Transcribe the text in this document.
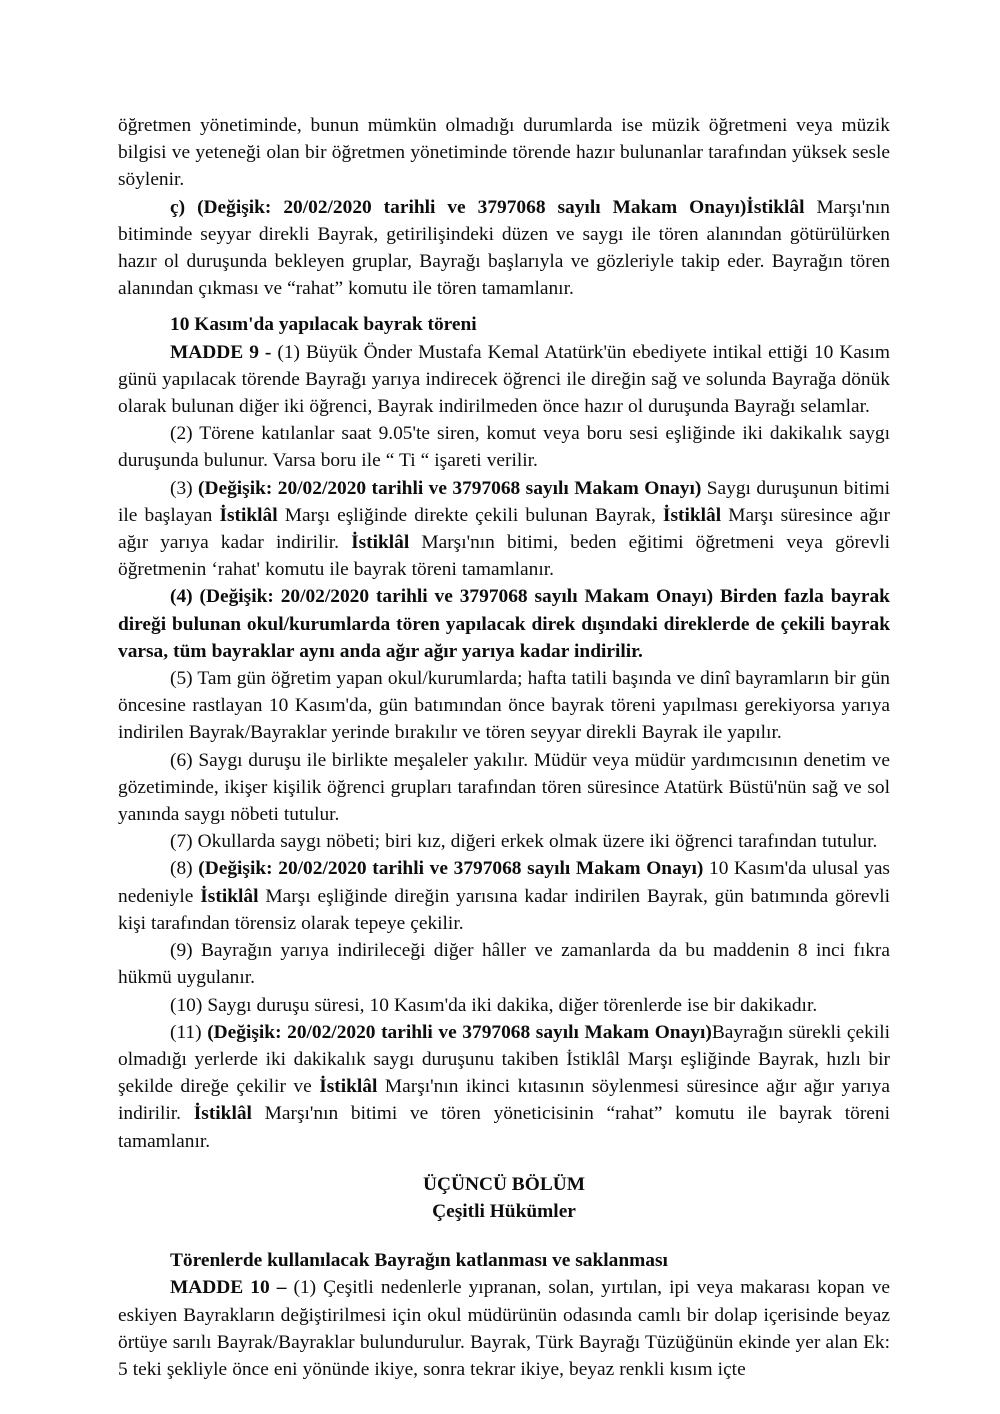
öğretmen yönetiminde, bunun mümkün olmadığı durumlarda ise müzik öğretmeni veya müzik bilgisi ve yeteneği olan bir öğretmen yönetiminde törende hazır bulunanlar tarafından yüksek sesle söylenir.

ç) (Değişik: 20/02/2020 tarihli ve 3797068 sayılı Makam Onayı)İstiklâl Marşı'nın bitiminde seyyar direkli Bayrak, getirilişindeki düzen ve saygı ile tören alanından götürülürken hazır ol duruşunda bekleyen gruplar, Bayrağı başlarıyla ve gözleriyle takip eder. Bayrağın tören alanından çıkması ve “rahat” komutu ile tören tamamlanır.

10 Kasım'da yapılacak bayrak töreni

MADDE 9 - (1) Büyük Önder Mustafa Kemal Atatürk'ün ebediyete intikal ettiği 10 Kasım günü yapılacak törende Bayrağı yarıya indirecek öğrenci ile direğin sağ ve solunda Bayrağa dönük olarak bulunan diğer iki öğrenci, Bayrak indirilmeden önce hazır ol duruşunda Bayrağı selamlar.

(2) Törene katılanlar saat 9.05'te siren, komut veya boru sesi eşliğinde iki dakikalık saygı duruşunda bulunur. Varsa boru ile “ Ti “ işareti verilir.

(3) (Değişik: 20/02/2020 tarihli ve 3797068 sayılı Makam Onayı) Saygı duruşunun bitimi ile başlayan İstiklâl Marşı eşliğinde direkte çekili bulunan Bayrak, İstiklâl Marşı süresince ağır ağır yarıya kadar indirilir. İstiklâl Marşı'nın bitimi, beden eğitimi öğretmeni veya görevli öğretmenin ‘rahat' komutu ile bayrak töreni tamamlanır.

(4) (Değişik: 20/02/2020 tarihli ve 3797068 sayılı Makam Onayı) Birden fazla bayrak direği bulunan okul/kurumlarda tören yapılacak direk dışındaki direklerde de çekili bayrak varsa, tüm bayraklar aynı anda ağır ağır yarıya kadar indirilir.

(5) Tam gün öğretim yapan okul/kurumlarda; hafta tatili başında ve dinî bayramların bir gün öncesine rastlayan 10 Kasım'da, gün batımından önce bayrak töreni yapılması gerekiyorsa yarıya indirilen Bayrak/Bayraklar yerinde bırakılır ve tören seyyar direkli Bayrak ile yapılır.

(6) Saygı duruşu ile birlikte meşaleler yakılır. Müdür veya müdür yardımcısının denetim ve gözetiminde, ikişer kişilik öğrenci grupları tarafından tören süresince Atatürk Büstü'nün sağ ve sol yanında saygı nöbeti tutulur.

(7) Okullarda saygı nöbeti; biri kız, diğeri erkek olmak üzere iki öğrenci tarafından tutulur.

(8) (Değişik: 20/02/2020 tarihli ve 3797068 sayılı Makam Onayı) 10 Kasım'da ulusal yas nedeniyle İstiklâl Marşı eşliğinde direğin yarısına kadar indirilen Bayrak, gün batımında görevli kişi tarafından törensiz olarak tepeye çekilir.

(9) Bayrağın yarıya indirileceği diğer hâller ve zamanlarda da bu maddenin 8 inci fıkra hükmü uygulanır.

(10) Saygı duruşu süresi, 10 Kasım'da iki dakika, diğer törenlerde ise bir dakikadır.

(11) (Değişik: 20/02/2020 tarihli ve 3797068 sayılı Makam Onayı)Bayrağın sürekli çekili olmadığı yerlerde iki dakikalık saygı duruşunu takiben İstiklâl Marşı eşliğinde Bayrak, hızlı bir şekilde direğe çekilir ve İstiklâl Marşı'nın ikinci kıtasının söylenmesi süresince ağır ağır yarıya indirilir. İstiklâl Marşı'nın bitimi ve tören yöneticisinin “rahat” komutu ile bayrak töreni tamamlanır.

ÜÇÜNCÜ BÖLÜM

Çeşitli Hükümler

Törenlerde kullanılacak Bayrağın katlanması ve saklanması

MADDE 10 – (1) Çeşitli nedenlerle yıpranan, solan, yırtılan, ipi veya makarası kopan ve eskiyen Bayrakların değiştirilmesi için okul müdürünün odasında camlı bir dolap içerisinde beyaz örtüye sarılı Bayrak/Bayraklar bulundurulur. Bayrak, Türk Bayrağı Tüzüğünün ekinde yer alan Ek: 5 teki şekliyle önce eni yönünde ikiye, sonra tekrar ikiye, beyaz renkli kısım içte
